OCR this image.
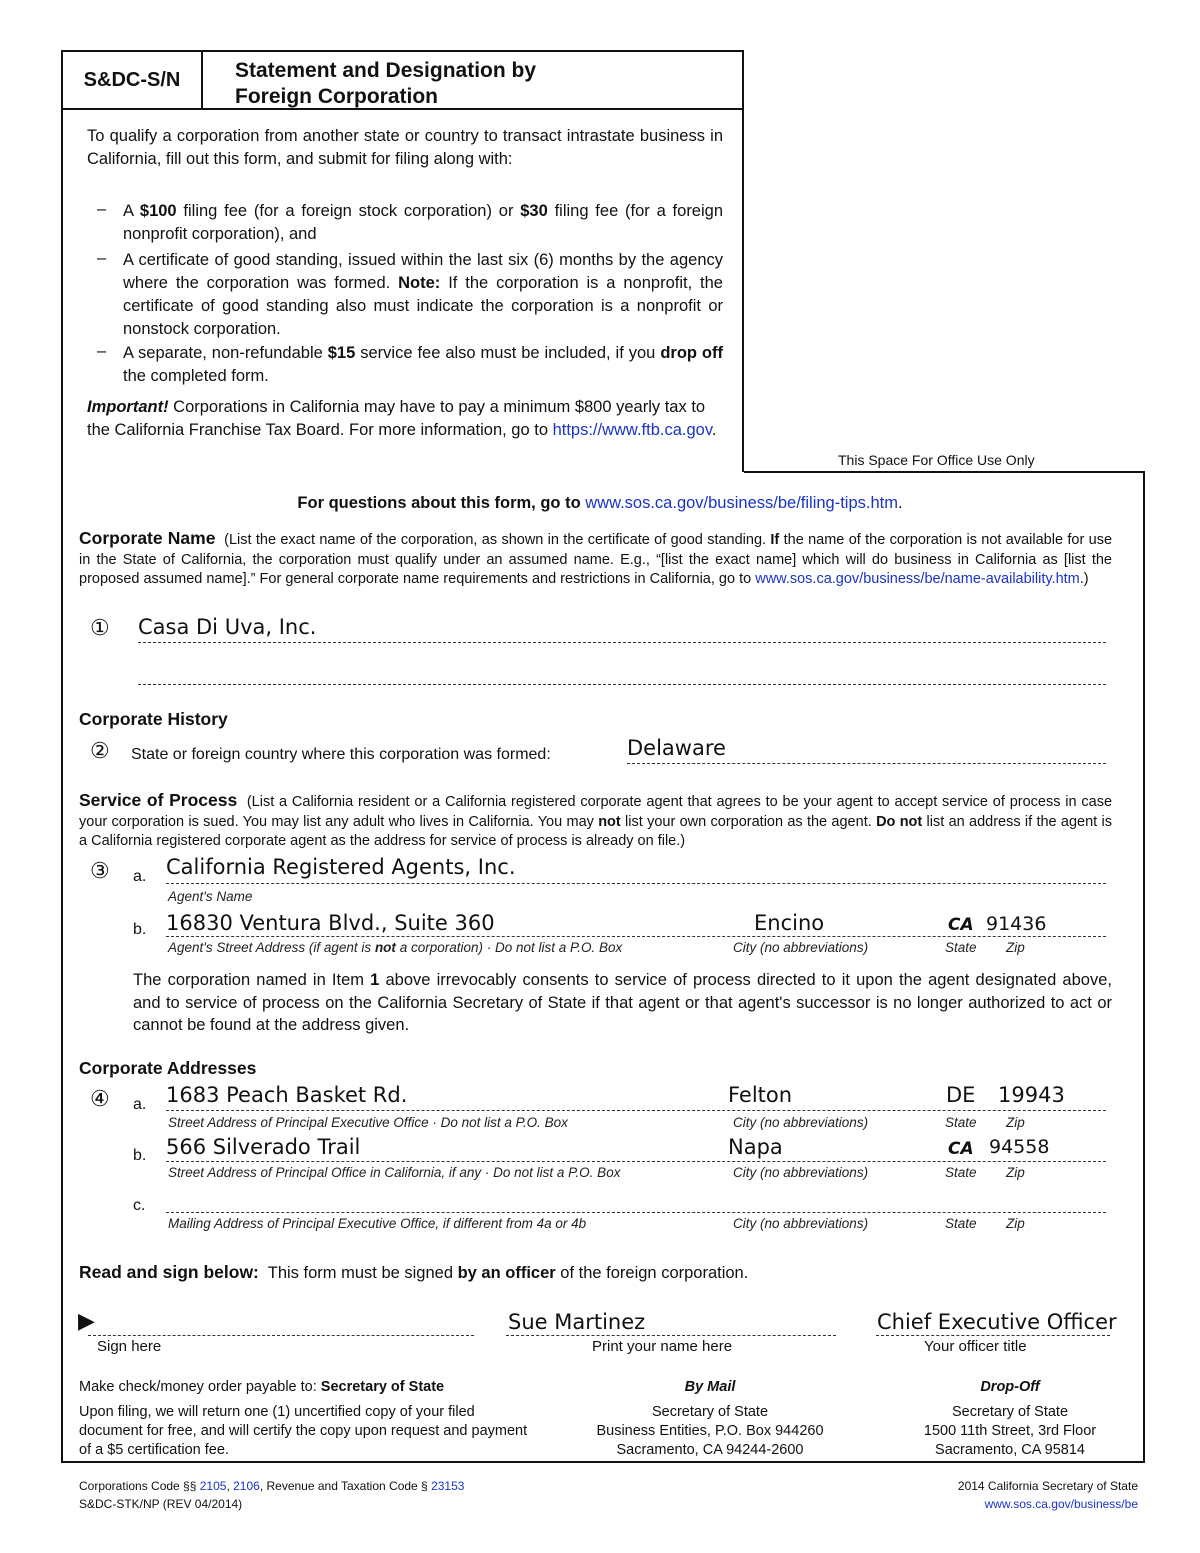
S&DC-S/N	Statement and Designation by
Foreign Corporation
To qualify a corporation from another state or country to transact intrastate business in California, fill out this form, and submit for filing along with:
– A $100 filing fee (for a foreign stock corporation) or $30 filing fee (for a foreign nonprofit corporation), and
– A certificate of good standing, issued within the last six (6) months by the agency where the corporation was formed. Note: If the corporation is a nonprofit, the certificate of good standing also must indicate the corporation is a nonprofit or nonstock corporation.
– A separate, non-refundable $15 service fee also must be included, if you drop off the completed form.
Important! Corporations in California may have to pay a minimum $800 yearly tax to the California Franchise Tax Board. For more information, go to https://www.ftb.ca.gov.
This Space For Office Use Only
For questions about this form, go to www.sos.ca.gov/business/be/filing-tips.htm.
Corporate Name (List the exact name of the corporation, as shown in the certificate of good standing. If the name of the corporation is not available for use in the State of California, the corporation must qualify under an assumed name. E.g., “[list the exact name] which will do business in California as [list the proposed assumed name].” For general corporate name requirements and restrictions in California, go to www.sos.ca.gov/business/be/name-availability.htm.)
① Casa Di Uva, Inc.
Corporate History
② State or foreign country where this corporation was formed:	Delaware
Service of Process (List a California resident or a California registered corporate agent that agrees to be your agent to accept service of process in case your corporation is sued. You may list any adult who lives in California. You may not list your own corporation as the agent. Do not list an address if the agent is a California registered corporate agent as the address for service of process is already on file.)
③ a. California Registered Agents, Inc.
Agent's Name
b. 16830 Ventura Blvd., Suite 360	Encino	CA 91436
Agent's Street Address (if agent is not a corporation) · Do not list a P.O. Box	City (no abbreviations)	State Zip
The corporation named in Item 1 above irrevocably consents to service of process directed to it upon the agent designated above, and to service of process on the California Secretary of State if that agent or that agent's successor is no longer authorized to act or cannot be found at the address given.
Corporate Addresses
④ a. 1683 Peach Basket Rd.	Felton	DE 19943
Street Address of Principal Executive Office · Do not list a P.O. Box	City (no abbreviations)	State Zip
b. 566 Silverado Trail	Napa	CA 94558
Street Address of Principal Office in California, if any · Do not list a P.O. Box	City (no abbreviations)	State Zip
c.
Mailing Address of Principal Executive Office, if different from 4a or 4b	City (no abbreviations)	State Zip
Read and sign below: This form must be signed by an officer of the foreign corporation.
▶
Sign here
Sue Martinez
Print your name here
Chief Executive Officer
Your officer title
Make check/money order payable to: Secretary of State
Upon filing, we will return one (1) uncertified copy of your filed document for free, and will certify the copy upon request and payment of a $5 certification fee.
By Mail
Secretary of State
Business Entities, P.O. Box 944260
Sacramento, CA 94244-2600
Drop-Off
Secretary of State
1500 11th Street, 3rd Floor
Sacramento, CA 95814
Corporations Code §§ 2105, 2106, Revenue and Taxation Code § 23153
S&DC-STK/NP (REV 04/2014)
2014 California Secretary of State
www.sos.ca.gov/business/be
